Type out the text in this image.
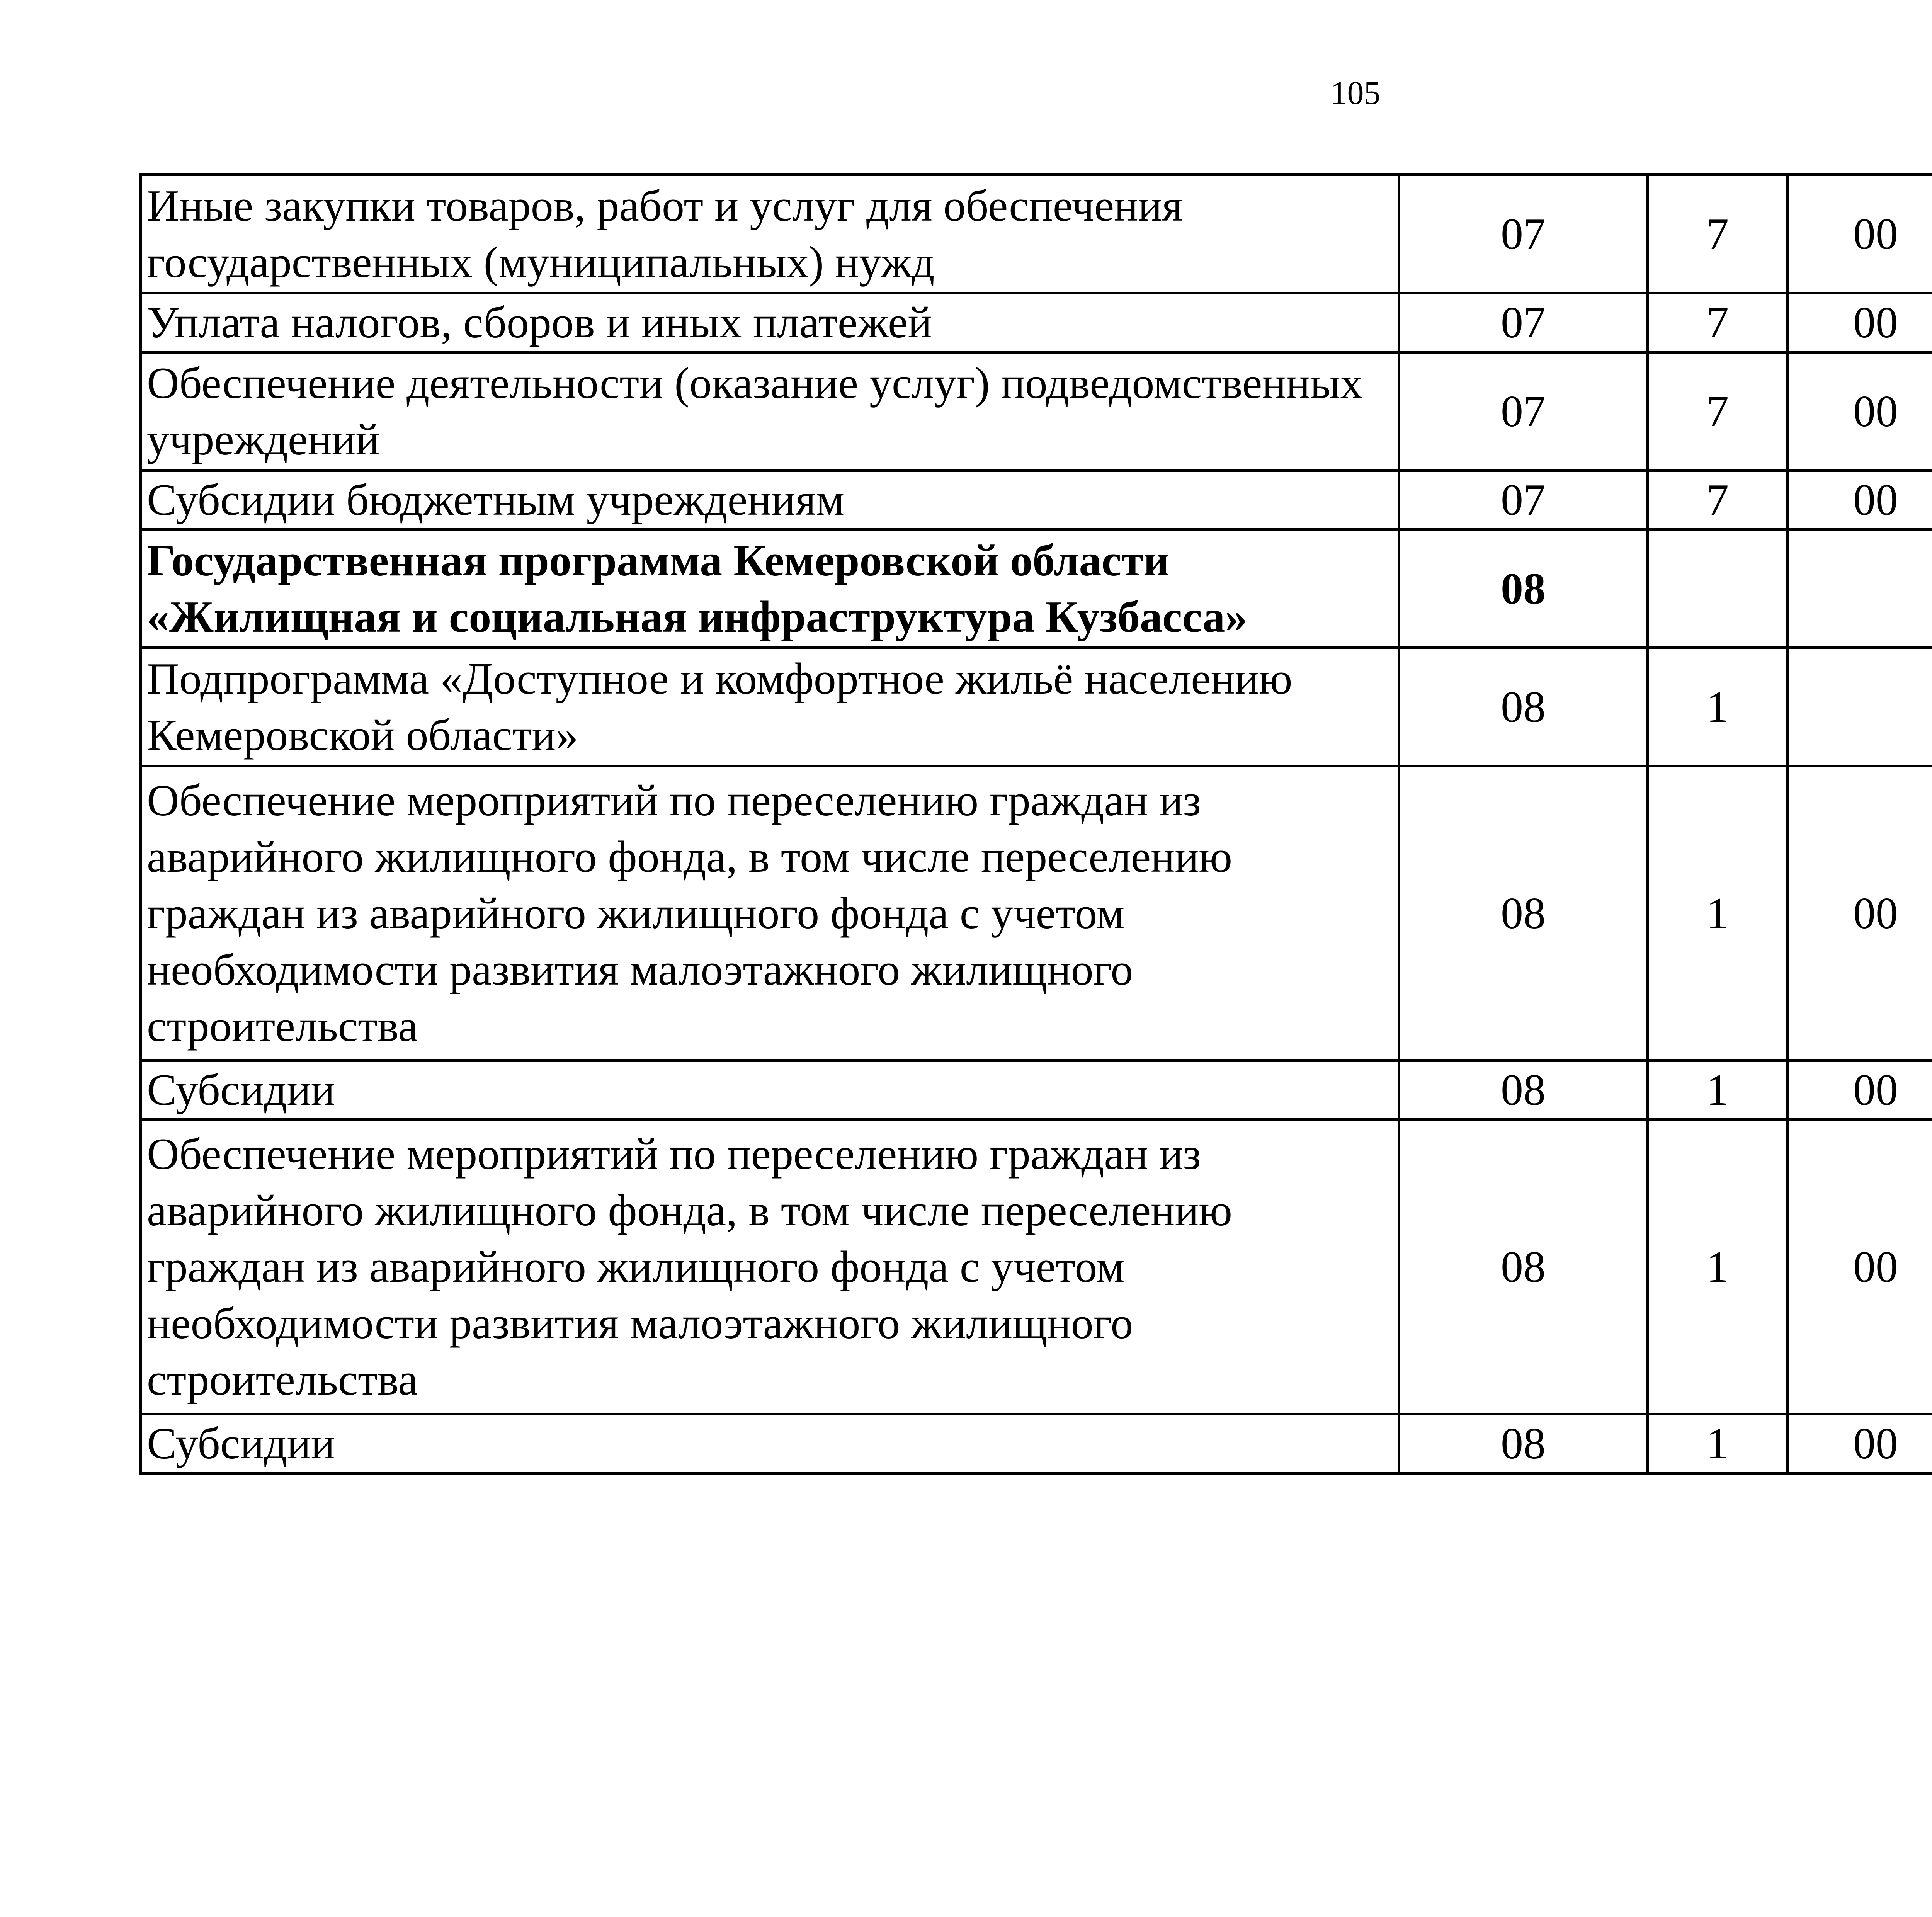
105
Иные закупки товаров, работ и услуг для обеспечения государственных (муниципальных) нужд	07	7	00			
Уплата налогов, сборов и иных платежей	07	7	00			
Обеспечение деятельности (оказание услуг) подведомственных учреждений	07	7	00			
Субсидии бюджетным учреждениям	07	7	00			
Государственная программа Кемеровской области «Жилищная и социальная инфраструктура Кузбасса»	08					
Подпрограмма «Доступное и комфортное жильё населению Кемеровской области»	08	1				
Обеспечение мероприятий по переселению граждан из аварийного жилищного фонда, в том числе переселению граждан из аварийного жилищного фонда с учетом необходимости развития малоэтажного жилищного строительства	08	1	00			
Субсидии	08	1	00			
Обеспечение мероприятий по переселению граждан из аварийного жилищного фонда, в том числе переселению граждан из аварийного жилищного фонда с учетом необходимости развития малоэтажного жилищного строительства	08	1	00			
Субсидии	08	1	00			
